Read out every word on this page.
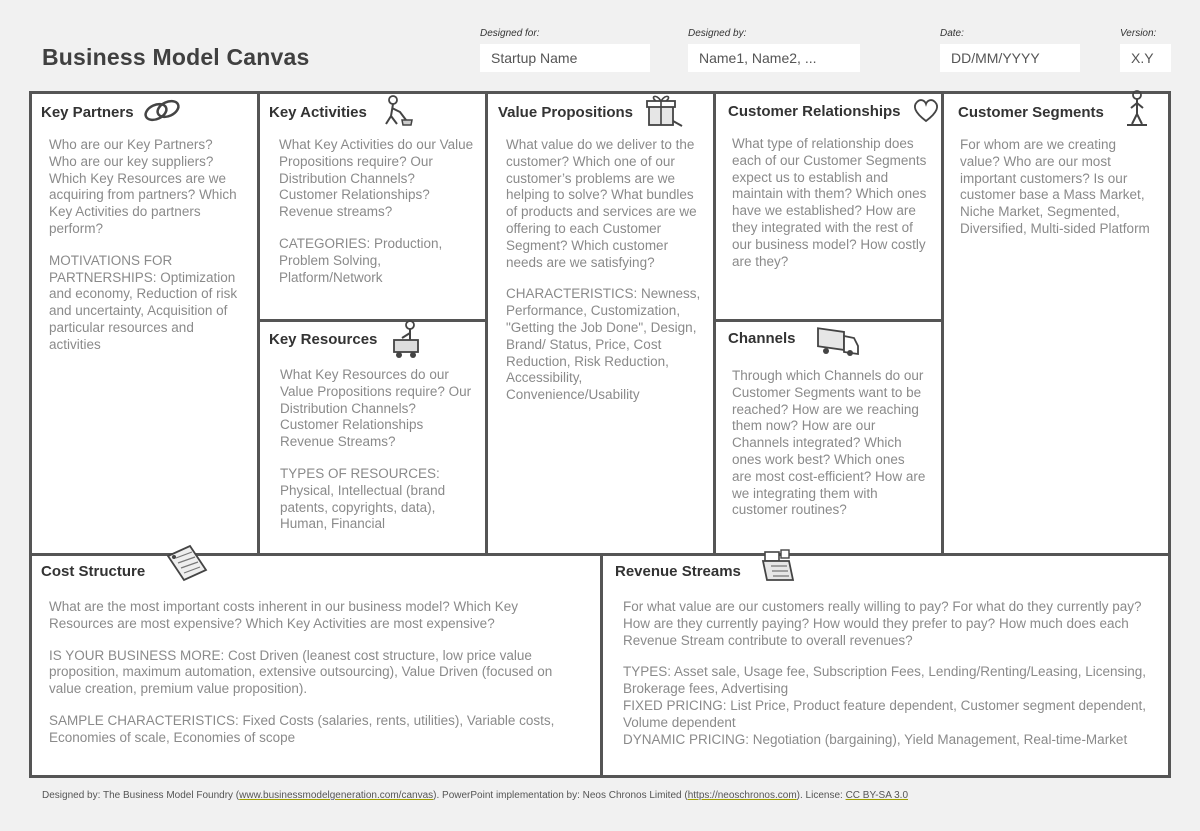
Business Model Canvas
Designed for:
Startup Name
Designed by:
Name1, Name2, ...
Date:
DD/MM/YYYY
Version:
X.Y
Key Partners

Who are our Key Partners? Who are our key suppliers? Which Key Resources are we acquiring from partners? Which Key Activities do partners perform?

MOTIVATIONS FOR PARTNERSHIPS: Optimization and economy, Reduction of risk and uncertainty, Acquisition of particular resources and activities

Key Activities

What Key Activities do our Value Propositions require? Our Distribution Channels? Customer Relationships? Revenue streams?

CATEGORIES: Production, Problem Solving, Platform/Network

Key Resources

What Key Resources do our Value Propositions require? Our Distribution Channels? Customer Relationships Revenue Streams?

TYPES OF RESOURCES: Physical, Intellectual (brand patents, copyrights, data), Human, Financial

Value Propositions

What value do we deliver to the customer? Which one of our customer’s problems are we helping to solve? What bundles of products and services are we offering to each Customer Segment? Which customer needs are we satisfying?

CHARACTERISTICS: Newness, Performance, Customization, "Getting the Job Done", Design, Brand/ Status, Price, Cost Reduction, Risk Reduction, Accessibility, Convenience/Usability

Customer Relationships

What type of relationship does each of our Customer Segments expect us to establish and maintain with them? Which ones have we established? How are they integrated with the rest of our business model? How costly are they?

Channels

Through which Channels do our Customer Segments want to be reached? How are we reaching them now? How are our Channels integrated? Which ones work best? Which ones are most cost-efficient? How are we integrating them with customer routines?

Customer Segments

For whom are we creating value? Who are our most important customers? Is our customer base a Mass Market, Niche Market, Segmented, Diversified, Multi-sided Platform

Cost Structure

What are the most important costs inherent in our business model? Which Key Resources are most expensive? Which Key Activities are most expensive?

IS YOUR BUSINESS MORE: Cost Driven (leanest cost structure, low price value proposition, maximum automation, extensive outsourcing), Value Driven (focused on value creation, premium value proposition).

SAMPLE CHARACTERISTICS: Fixed Costs (salaries, rents, utilities), Variable costs, Economies of scale, Economies of scope

Revenue Streams

For what value are our customers really willing to pay? For what do they currently pay? How are they currently paying? How would they prefer to pay? How much does each Revenue Stream contribute to overall revenues?

TYPES: Asset sale, Usage fee, Subscription Fees, Lending/Renting/Leasing, Licensing, Brokerage fees, Advertising

FIXED PRICING: List Price, Product feature dependent, Customer segment dependent, Volume dependent

DYNAMIC PRICING: Negotiation (bargaining), Yield Management, Real-time-Market

Designed by: The Business Model Foundry (www.businessmodelgeneration.com/canvas). PowerPoint implementation by: Neos Chronos Limited (https://neoschronos.com). License: CC BY-SA 3.0
